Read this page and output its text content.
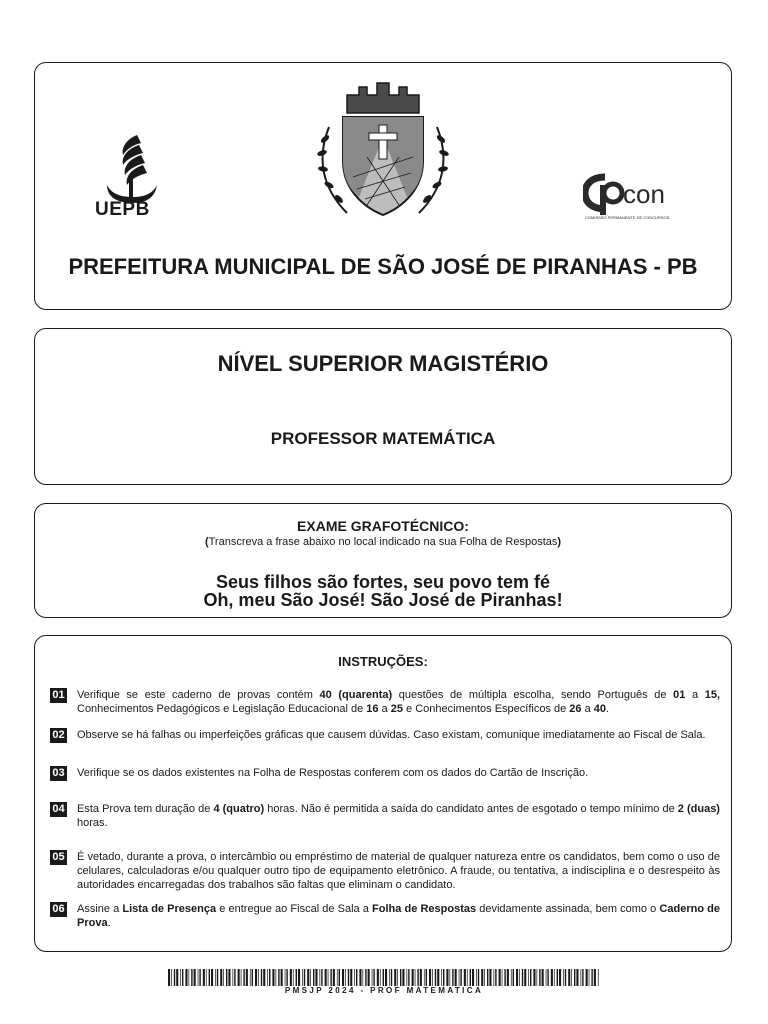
UEPB
con
COMISSÃO PERMANENTE DE CONCURSOS
PREFEITURA MUNICIPAL DE SÃO JOSÉ DE PIRANHAS - PB
NÍVEL SUPERIOR MAGISTÉRIO
PROFESSOR MATEMÁTICA
EXAME GRAFOTÉCNICO:
(Transcreva a frase abaixo no local indicado na sua Folha de Respostas)
Seus filhos são fortes, seu povo tem fé
Oh, meu São José! São José de Piranhas!
INSTRUÇÕES:
01 Verifique se este caderno de provas contém 40 (quarenta) questões de múltipla escolha, sendo Português de 01 a 15, Conhecimentos Pedagógicos e Legislação Educacional de 16 a 25 e Conhecimentos Específicos de 26 a 40.
02 Observe se há falhas ou imperfeições gráficas que causem dúvidas. Caso existam, comunique imediatamente ao Fiscal de Sala.
03 Verifique se os dados existentes na Folha de Respostas conferem com os dados do Cartão de Inscrição.
04 Esta Prova tem duração de 4 (quatro) horas. Não é permitida a saída do candidato antes de esgotado o tempo mínimo de 2 (duas) horas.
05 É vetado, durante a prova, o intercâmbio ou empréstimo de material de qualquer natureza entre os candidatos, bem como o uso de celulares, calculadoras e/ou qualquer outro tipo de equipamento eletrônico. A fraude, ou tentativa, a indisciplina e o desrespeito às autoridades encarregadas dos trabalhos são faltas que eliminam o candidato.
06 Assine a Lista de Presença e entregue ao Fiscal de Sala a Folha de Respostas devidamente assinada, bem como o Caderno de Prova.
PMSJP 2024 - PROF MATEMATICA
